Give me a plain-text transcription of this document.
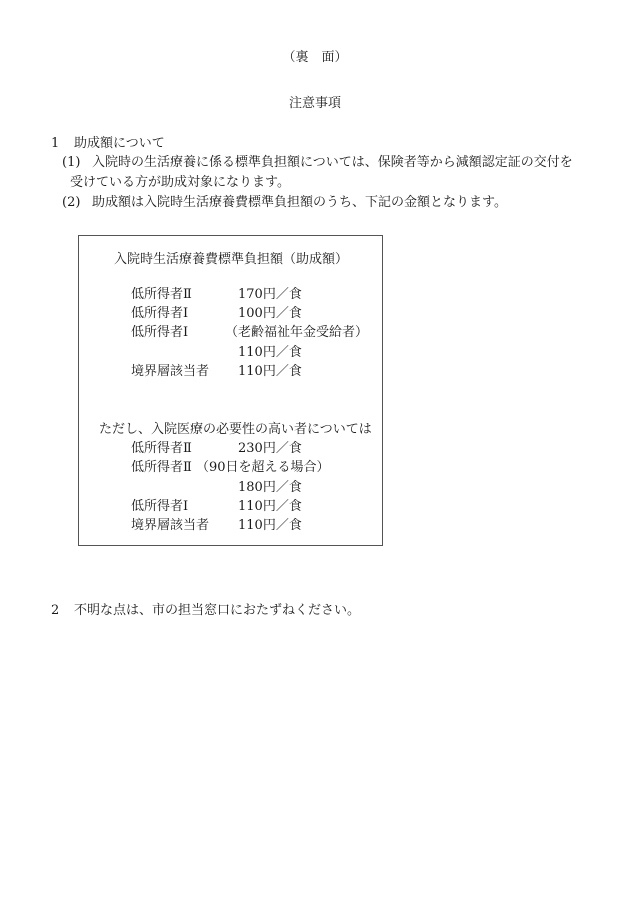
（裏　面）
注意事項
1 助成額について
(1) 入院時の生活療養に係る標準負担額については、保険者等から減額認定証の交付を
受けている方が助成対象になります。
(2) 助成額は入院時生活療養費標準負担額のうち、下記の金額となります。
入院時生活療養費標準負担額（助成額）
低所得者Ⅱ	170円／食
低所得者Ⅰ	100円／食
低所得者Ⅰ	（老齢福祉年金受給者）
110円／食
境界層該当者 110円／食
ただし、入院医療の必要性の高い者については
低所得者Ⅱ	230円／食
低所得者Ⅱ （90日を超える場合）
180円／食
低所得者Ⅰ	110円／食
境界層該当者 110円／食
2 不明な点は、市の担当窓口におたずねください。
